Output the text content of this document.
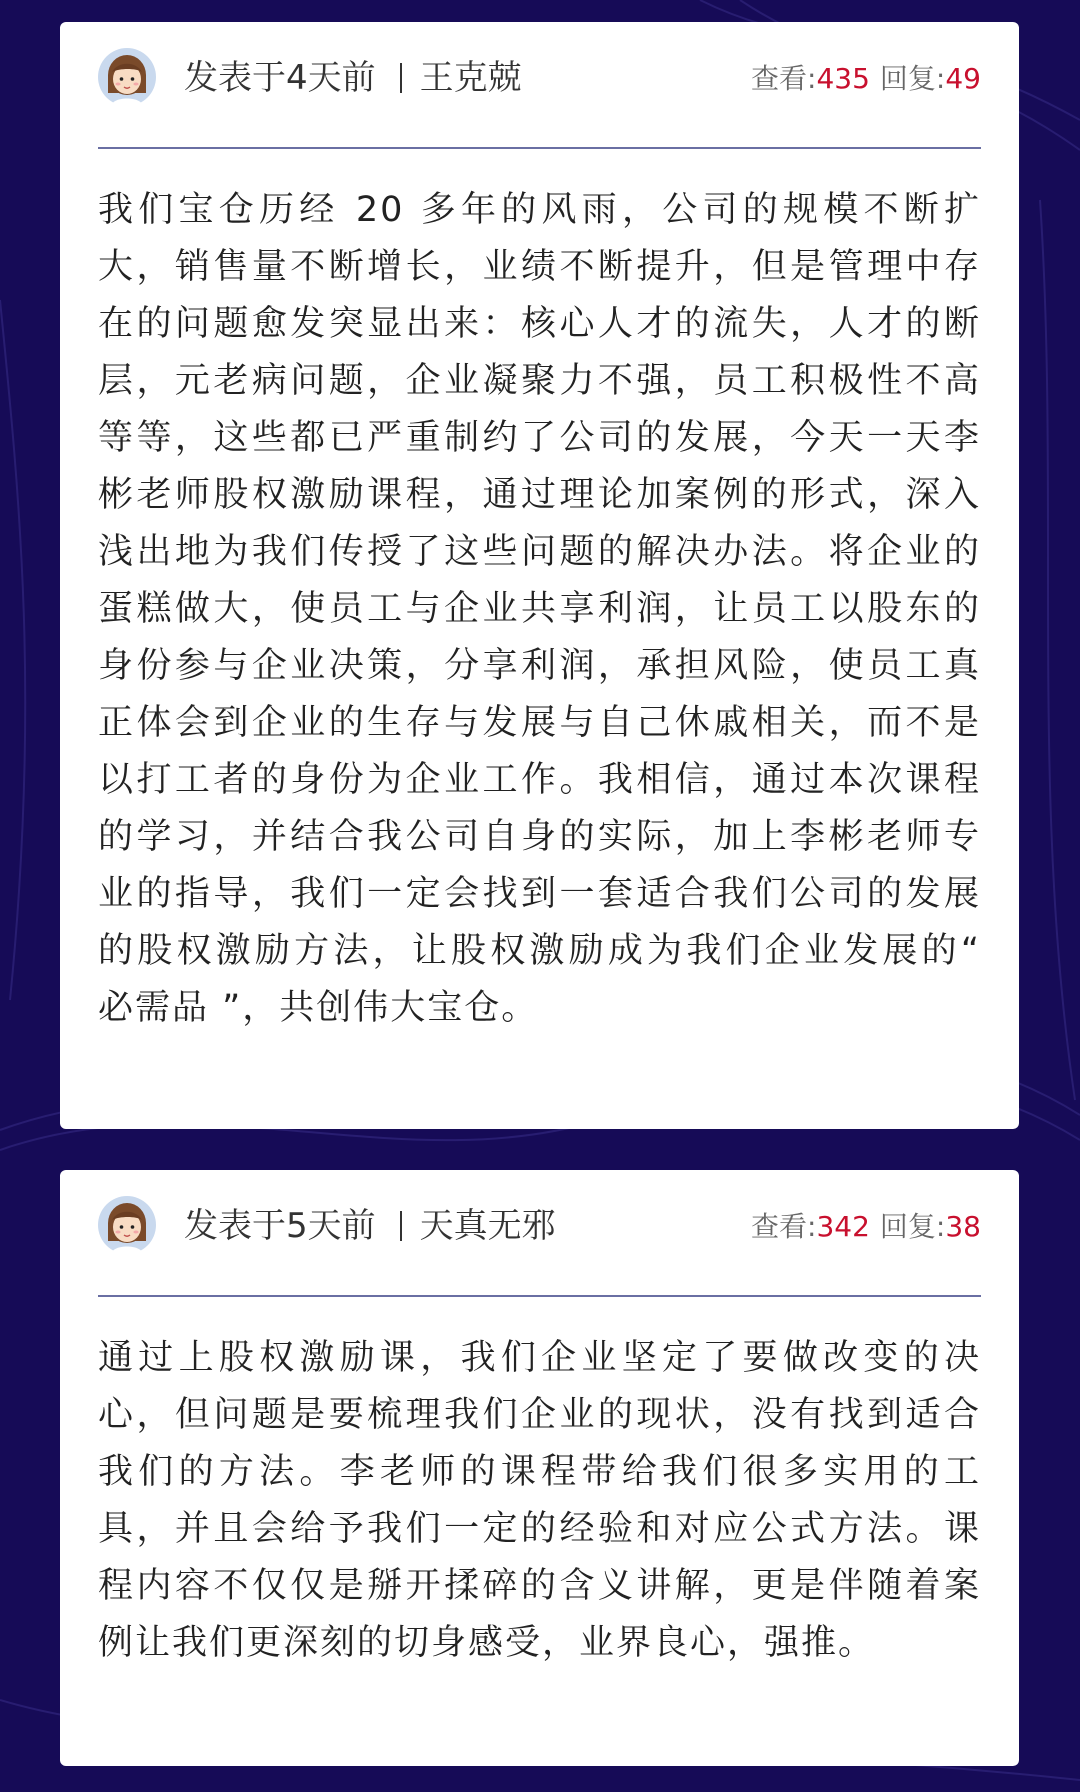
发表于4天前 王克兢	查看:435 回复:49

我们宝仓历经 20 多年的风雨，公司的规模不断扩大，销售量不断增长，业绩不断提升，但是管理中存在的问题愈发突显出来：核心人才的流失，人才的断层，元老病问题，企业凝聚力不强，员工积极性不高等等，这些都已严重制约了公司的发展，今天一天李彬老师股权激励课程，通过理论加案例的形式，深入浅出地为我们传授了这些问题的解决办法。将企业的蛋糕做大，使员工与企业共享利润，让员工以股东的身份参与企业决策，分享利润，承担风险，使员工真正体会到企业的生存与发展与自己休戚相关，而不是以打工者的身份为企业工作。我相信，通过本次课程的学习，并结合我公司自身的实际，加上李彬老师专业的指导，我们一定会找到一套适合我们公司的发展的股权激励方法，让股权激励成为我们企业发展的“ 必需品 ”，共创伟大宝仓。

发表于5天前 天真无邪	查看:342 回复:38

通过上股权激励课，我们企业坚定了要做改变的决心，但问题是要梳理我们企业的现状，没有找到适合我们的方法。李老师的课程带给我们很多实用的工具，并且会给予我们一定的经验和对应公式方法。课程内容不仅仅是掰开揉碎的含义讲解，更是伴随着案例让我们更深刻的切身感受，业界良心，强推。
